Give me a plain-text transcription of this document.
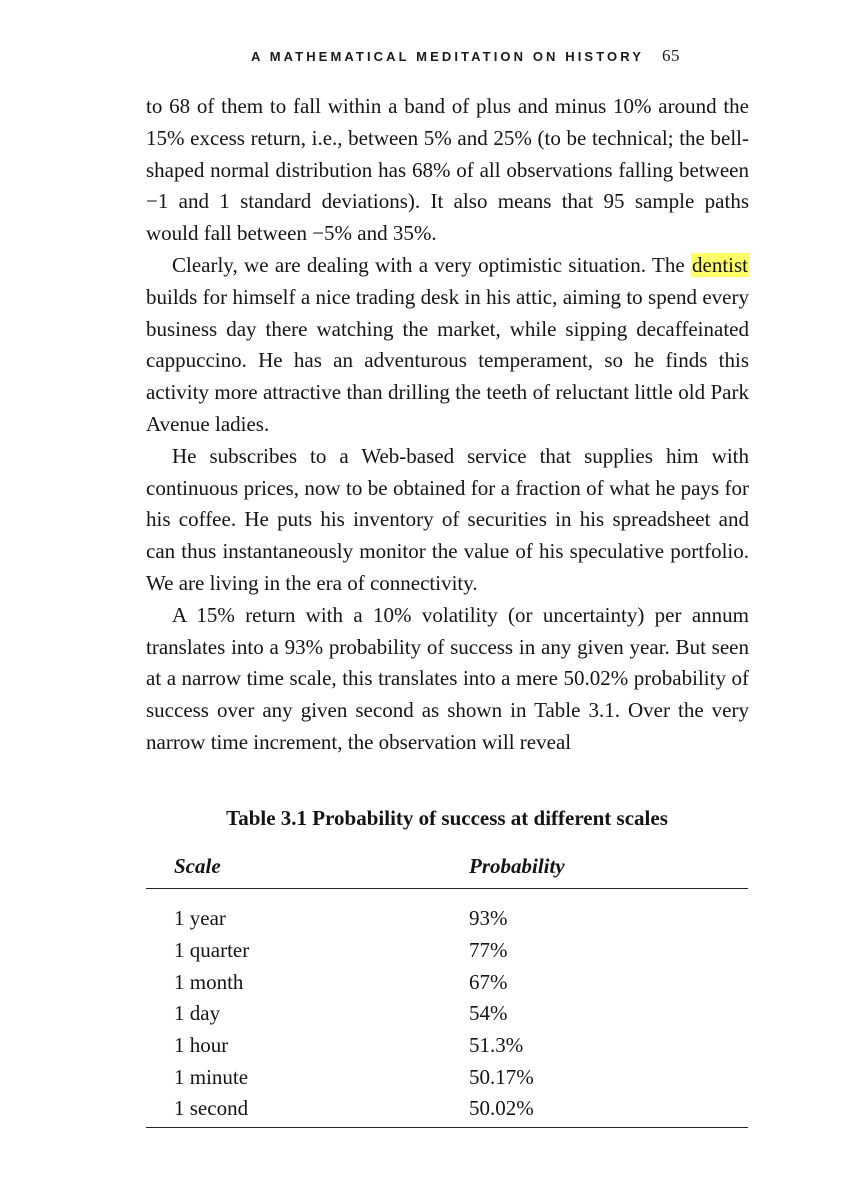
A MATHEMATICAL MEDITATION ON HISTORY 65

to 68 of them to fall within a band of plus and minus 10% around the 15% excess return, i.e., between 5% and 25% (to be technical; the bell-shaped normal distribution has 68% of all observations falling between −1 and 1 standard deviations). It also means that 95 sample paths would fall between −5% and 35%.

Clearly, we are dealing with a very optimistic situation. The dentist builds for himself a nice trading desk in his attic, aiming to spend every business day there watching the market, while sipping decaffeinated cappuccino. He has an adventurous temperament, so he finds this activity more attractive than drilling the teeth of reluctant little old Park Avenue ladies.

He subscribes to a Web-based service that supplies him with continuous prices, now to be obtained for a fraction of what he pays for his coffee. He puts his inventory of securities in his spreadsheet and can thus instantaneously monitor the value of his speculative portfolio. We are living in the era of connectivity.

A 15% return with a 10% volatility (or uncertainty) per annum translates into a 93% probability of success in any given year. But seen at a narrow time scale, this translates into a mere 50.02% probability of success over any given second as shown in Table 3.1. Over the very narrow time increment, the observation will reveal

Table 3.1 Probability of success at different scales
Scale	Probability
1 year	93%
1 quarter	77%
1 month	67%
1 day	54%
1 hour	51.3%
1 minute	50.17%
1 second	50.02%
